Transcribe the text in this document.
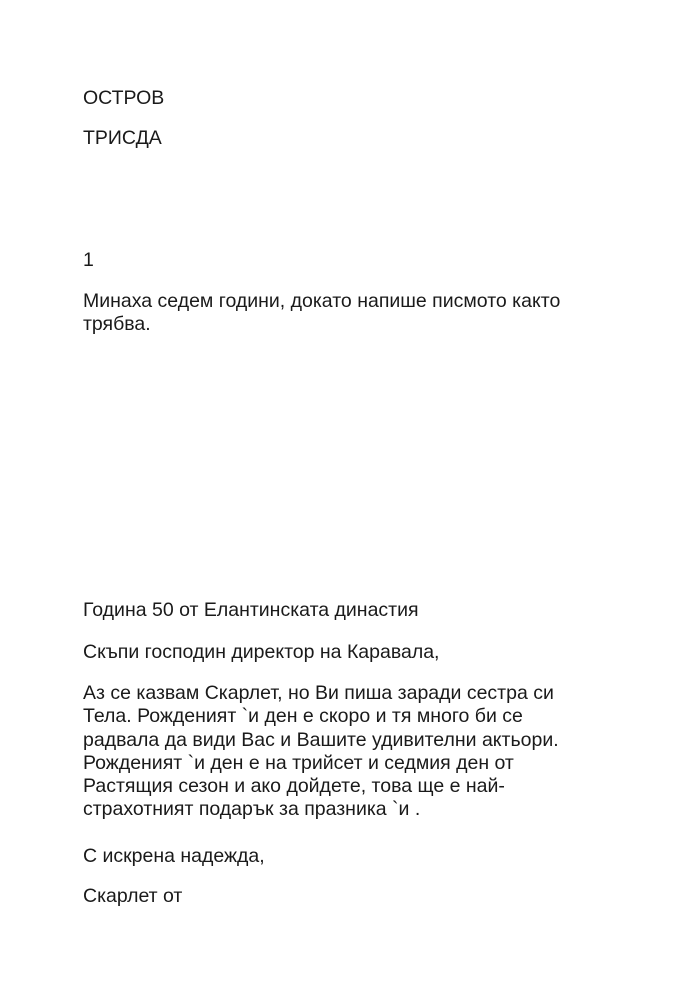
ОСТРОВ

ТРИСДА

1

Минаха седем години, докато напише писмото както
трябва.

Година 50 от Елантинската династия

Скъпи господин директор на Каравала,

Аз се казвам Скарлет, но Ви пиша заради сестра си
Тела. Рожденият `и ден е скоро и тя много би се
радвала да види Вас и Вашите удивителни актьори.
Рожденият `и ден е на трийсет и седмия ден от
Растящия сезон и ако дойдете, това ще е най-
страхотният подарък за празника `и .

С искрена надежда,

Скарлет от
